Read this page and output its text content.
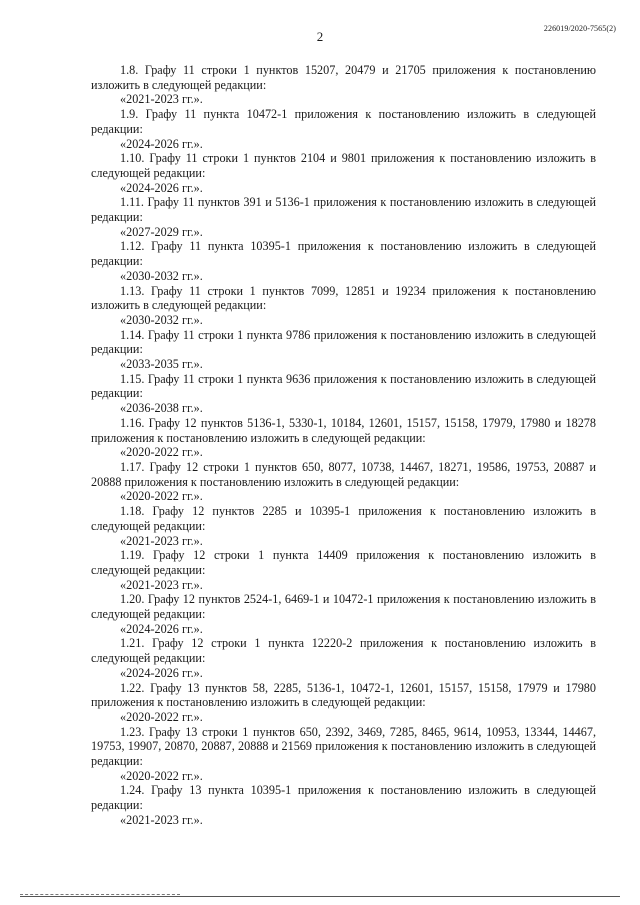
226019/2020-7565(2)
2

1.8. Графу 11 строки 1 пунктов 15207, 20479 и 21705 приложения к постановлению изложить в следующей редакции:

«2021-2023 гг.».

1.9. Графу 11 пункта 10472-1 приложения к постановлению изложить в следующей редакции:

«2024-2026 гг.».

1.10. Графу 11 строки 1 пунктов 2104 и 9801 приложения к постановлению изложить в следующей редакции:

«2024-2026 гг.».

1.11. Графу 11 пунктов 391 и 5136-1 приложения к постановлению изложить в следующей редакции:

«2027-2029 гг.».

1.12. Графу 11 пункта 10395-1 приложения к постановлению изложить в следующей редакции:

«2030-2032 гг.».

1.13. Графу 11 строки 1 пунктов 7099, 12851 и 19234 приложения к постановлению изложить в следующей редакции:

«2030-2032 гг.».

1.14. Графу 11 строки 1 пункта 9786 приложения к постановлению изложить в следующей редакции:

«2033-2035 гг.».

1.15. Графу 11 строки 1 пункта 9636 приложения к постановлению изложить в следующей редакции:

«2036-2038 гг.».

1.16. Графу 12 пунктов 5136-1, 5330-1, 10184, 12601, 15157, 15158, 17979, 17980 и 18278 приложения к постановлению изложить в следующей редакции:

«2020-2022 гг.».

1.17. Графу 12 строки 1 пунктов 650, 8077, 10738, 14467, 18271, 19586, 19753, 20887 и 20888 приложения к постановлению изложить в следующей редакции:

«2020-2022 гг.».

1.18. Графу 12 пунктов 2285 и 10395-1 приложения к постановлению изложить в следующей редакции:

«2021-2023 гг.».

1.19. Графу 12 строки 1 пункта 14409 приложения к постановлению изложить в следующей редакции:

«2021-2023 гг.».

1.20. Графу 12 пунктов 2524-1, 6469-1 и 10472-1 приложения к постановлению изложить в следующей редакции:

«2024-2026 гг.».

1.21. Графу 12 строки 1 пункта 12220-2 приложения к постановлению изложить в следующей редакции:

«2024-2026 гг.».

1.22. Графу 13 пунктов 58, 2285, 5136-1, 10472-1, 12601, 15157, 15158, 17979 и 17980 приложения к постановлению изложить в следующей редакции:

«2020-2022 гг.».

1.23. Графу 13 строки 1 пунктов 650, 2392, 3469, 7285, 8465, 9614, 10953, 13344, 14467, 19753, 19907, 20870, 20887, 20888 и 21569 приложения к постановлению изложить в следующей редакции:

«2020-2022 гг.».

1.24. Графу 13 пункта 10395-1 приложения к постановлению изложить в следующей редакции:

«2021-2023 гг.».
